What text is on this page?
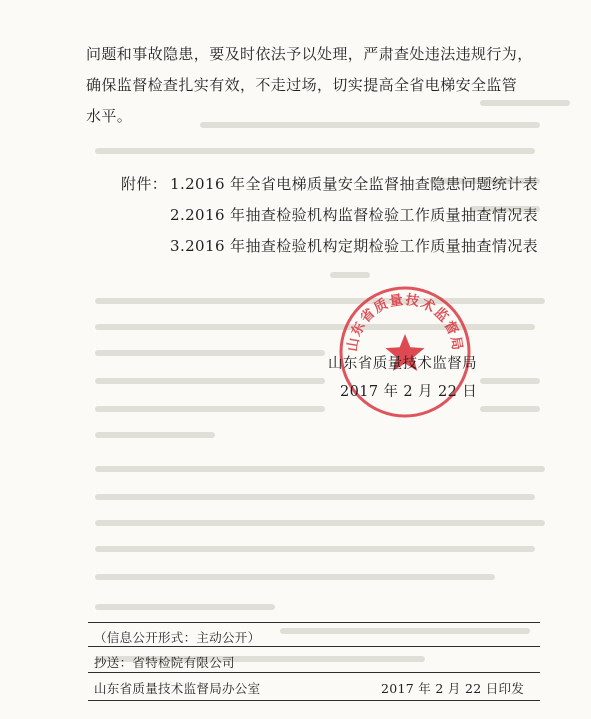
问题和事故隐患，要及时依法予以处理，严肃查处违法违规行为，
确保监督检查扎实有效，不走过场，切实提高全省电梯安全监管
水平。
附件： 1.2016 年全省电梯质量安全监督抽查隐患问题统计表
2.2016 年抽查检验机构监督检验工作质量抽查情况表
3.2016 年抽查检验机构定期检验工作质量抽查情况表
山东省质量技术监督局
山东省质量技术监督局
2017 年 2 月 22 日
（信息公开形式：主动公开）
抄送：省特检院有限公司
山东省质量技术监督局办公室	2017 年 2 月 22 日印发
